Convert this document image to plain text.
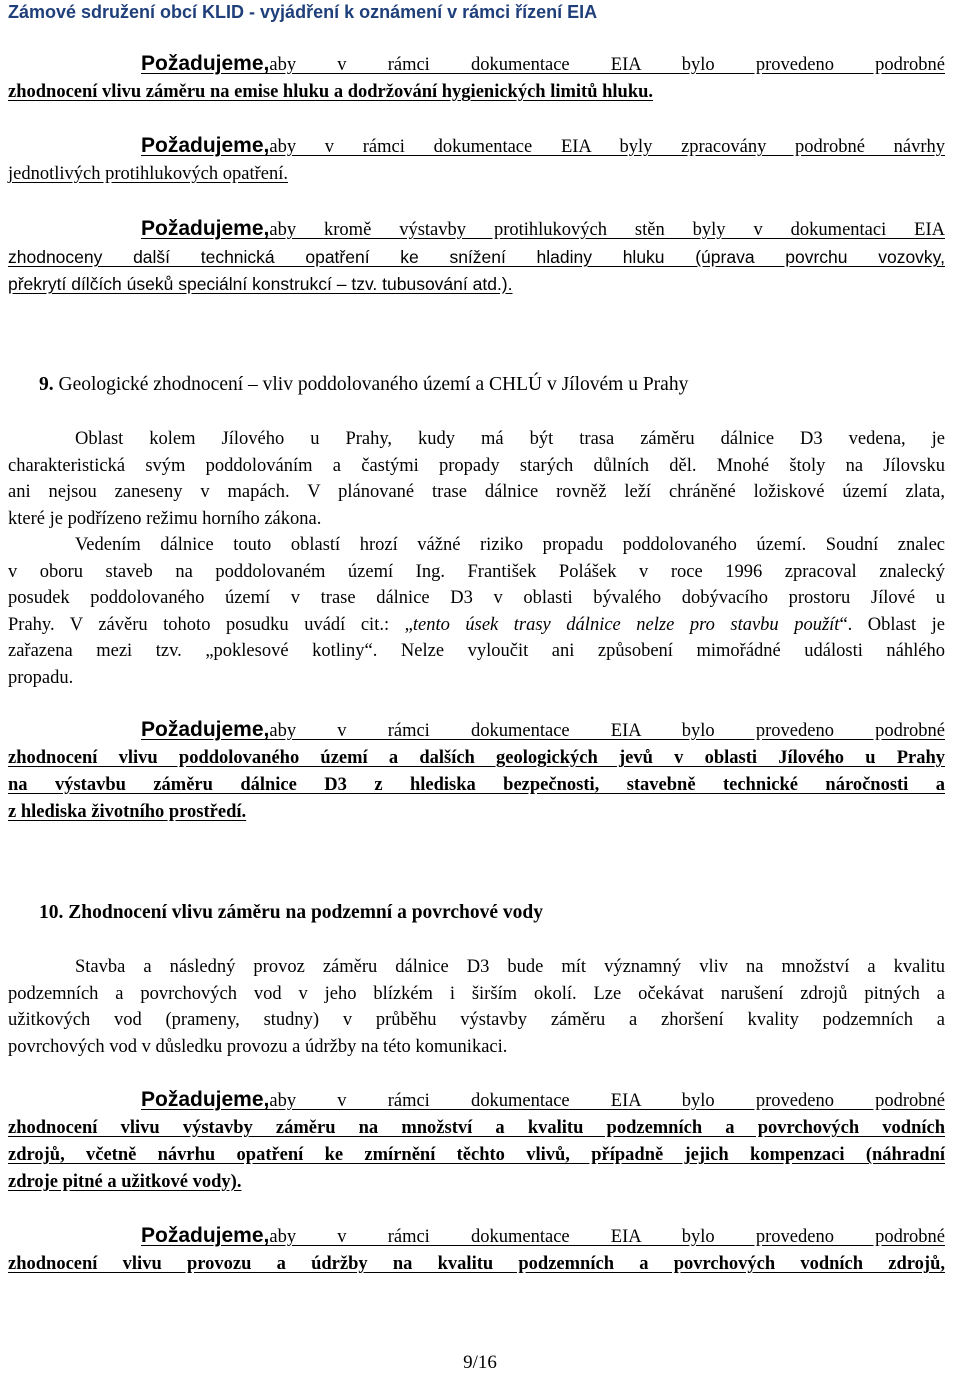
Zámové sdružení obcí KLID - vyjádření k oznámení v rámci řízení EIA
Požadujeme,aby v rámci dokumentace EIA bylo provedeno podrobné
zhodnocení vlivu záměru na emise hluku a dodržování hygienických limitů hluku.
Požadujeme,aby v rámci dokumentace EIA byly zpracovány podrobné návrhy
jednotlivých protihlukových opatření.
Požadujeme,aby kromě výstavby protihlukových stěn byly v dokumentaci EIA
zhodnoceny další technická opatření ke snížení hladiny hluku (úprava povrchu vozovky,
překrytí dílčích úseků speciální konstrukcí – tzv. tubusování atd.).
9. Geologické zhodnocení – vliv poddolovaného území a CHLÚ v Jílovém u Prahy
Oblast kolem Jílového u Prahy, kudy má být trasa záměru dálnice D3 vedena, je
charakteristická svým poddolováním a častými propady starých důlních děl. Mnohé štoly na Jílovsku
ani nejsou zaneseny v mapách. V plánované trase dálnice rovněž leží chráněné ložiskové území zlata,
které je podřízeno režimu horního zákona.
Vedením dálnice touto oblastí hrozí vážné riziko propadu poddolovaného území. Soudní znalec
v oboru staveb na poddolovaném území Ing. František Polášek v roce 1996 zpracoval znalecký
posudek poddolovaného území v trase dálnice D3 v oblasti bývalého dobývacího prostoru Jílové u
Prahy. V závěru tohoto posudku uvádí cit.: „tento úsek trasy dálnice nelze pro stavbu použít“. Oblast je
zařazena mezi tzv. „poklesové kotliny“. Nelze vyloučit ani způsobení mimořádné události náhlého
propadu.
Požadujeme,aby v rámci dokumentace EIA bylo provedeno podrobné
zhodnocení vlivu poddolovaného území a dalších geologických jevů v oblasti Jílového u Prahy
na výstavbu záměru dálnice D3 z hlediska bezpečnosti, stavebně technické náročnosti a
z hlediska životního prostředí.
10. Zhodnocení vlivu záměru na podzemní a povrchové vody
Stavba a následný provoz záměru dálnice D3 bude mít významný vliv na množství a kvalitu
podzemních a povrchových vod v jeho blízkém i širším okolí. Lze očekávat narušení zdrojů pitných a
užitkových vod (prameny, studny) v průběhu výstavby záměru a zhoršení kvality podzemních a
povrchových vod v důsledku provozu a údržby na této komunikaci.
Požadujeme,aby v rámci dokumentace EIA bylo provedeno podrobné
zhodnocení vlivu výstavby záměru na množství a kvalitu podzemních a povrchových vodních
zdrojů, včetně návrhu opatření ke zmírnění těchto vlivů, případně jejich kompenzaci (náhradní
zdroje pitné a užitkové vody).
Požadujeme,aby v rámci dokumentace EIA bylo provedeno podrobné
zhodnocení vlivu provozu a údržby na kvalitu podzemních a povrchových vodních zdrojů,
9/16
